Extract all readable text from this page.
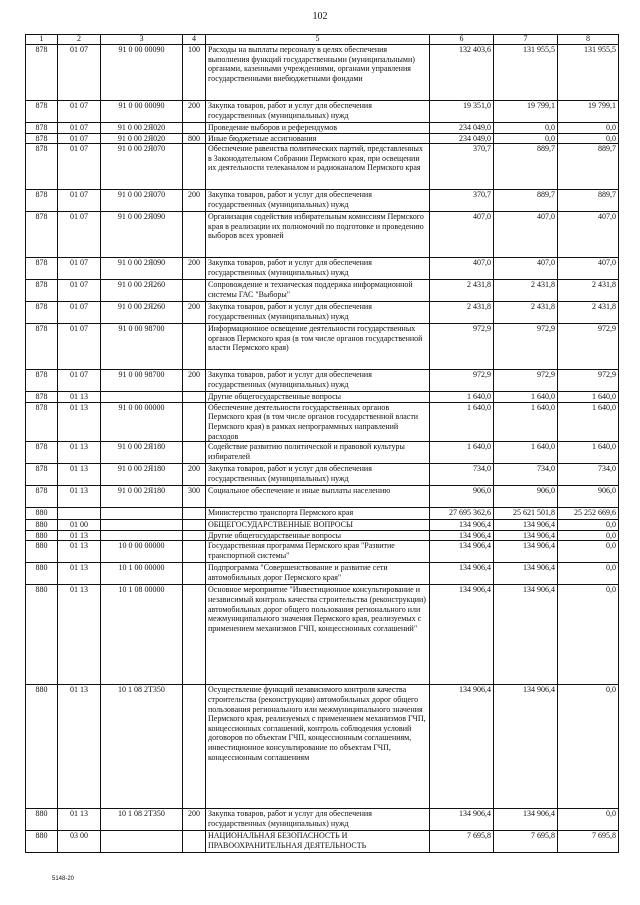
102
1	2	3	4	5	6	7	8
878	01 07	91 0 00 00090	100	Расходы на выплаты персоналу в целях обеспечения выполнения функций государственными (муниципальными) органами, казенными учреждениями, органами управления государственными внебюджетными фондами	132 403,6	131 955,5	131 955,5
878	01 07	91 0 00 00090	200	Закупка товаров, работ и услуг для обеспечения государственных (муниципальных) нужд	19 351,0	19 799,1	19 799,1
878	01 07	91 0 00 2Я020		Проведение выборов и референдумов	234 049,0	0,0	0,0
878	01 07	91 0 00 2Я020	800	Иные бюджетные ассигнования	234 049,0	0,0	0,0
878	01 07	91 0 00 2Я070		Обеспечение равенства политических партий, представленных в Законодательном Собрании Пермского края, при освещении их деятельности телеканалом и радиоканалом Пермского края	370,7	889,7	889,7
878	01 07	91 0 00 2Я070	200	Закупка товаров, работ и услуг для обеспечения государственных (муниципальных) нужд	370,7	889,7	889,7
878	01 07	91 0 00 2Я090		Организация содействия избирательным комиссиям Пермского края в реализации их полномочий по подготовке и проведению выборов всех уровней	407,0	407,0	407,0
878	01 07	91 0 00 2Я090	200	Закупка товаров, работ и услуг для обеспечения государственных (муниципальных) нужд	407,0	407,0	407,0
878	01 07	91 0 00 2Я260		Сопровождение и техническая поддержка информационной системы ГАС "Выборы"	2 431,8	2 431,8	2 431,8
878	01 07	91 0 00 2Я260	200	Закупка товаров, работ и услуг для обеспечения государственных (муниципальных) нужд	2 431,8	2 431,8	2 431,8
878	01 07	91 0 00 98700		Информационное освещение деятельности государственных органов Пермского края (в том числе органов государственной власти Пермского края)	972,9	972,9	972,9
878	01 07	91 0 00 98700	200	Закупка товаров, работ и услуг для обеспечения государственных (муниципальных) нужд	972,9	972,9	972,9
878	01 13			Другие общегосударственные вопросы	1 640,0	1 640,0	1 640,0
878	01 13	91 0 00 00000		Обеспечение деятельности государственных органов Пермского края (в том числе органов государственной власти Пермского края) в рамках непрограммных направлений расходов	1 640,0	1 640,0	1 640,0
878	01 13	91 0 00 2Я180		Содействие развитию политической и правовой культуры избирателей	1 640,0	1 640,0	1 640,0
878	01 13	91 0 00 2Я180	200	Закупка товаров, работ и услуг для обеспечения государственных (муниципальных) нужд	734,0	734,0	734,0
878	01 13	91 0 00 2Я180	300	Социальное обеспечение и иные выплаты населению	906,0	906,0	906,0
880				Министерство транспорта Пермского края	27 695 362,6	25 621 501,8	25 252 669,6
880	01 00			ОБЩЕГОСУДАРСТВЕННЫЕ ВОПРОСЫ	134 906,4	134 906,4	0,0
880	01 13			Другие общегосударственные вопросы	134 906,4	134 906,4	0,0
880	01 13	10 0 00 00000		Государственная программа Пермского края "Развитие транспортной системы"	134 906,4	134 906,4	0,0
880	01 13	10 1 00 00000		Подпрограмма "Совершенствование и развитие сети автомобильных дорог Пермского края"	134 906,4	134 906,4	0,0
880	01 13	10 1 08 00000		Основное мероприятие "Инвестиционное консультирование и независимый контроль качества строительства (реконструкции) автомобильных дорог общего пользования регионального или межмуниципального значения Пермского края, реализуемых с применением механизмов ГЧП, концессионных соглашений"	134 906,4	134 906,4	0,0
880	01 13	10 1 08 2Т350		Осуществление функций независимого контроля качества строительства (реконструкции) автомобильных дорог общего пользования регионального или межмуниципального значения Пермского края, реализуемых с применением механизмов ГЧП, концессионных соглашений, контроль соблюдения условий договоров по объектам ГЧП, концессионным соглашениям, инвестиционное консультирование по объектам ГЧП, концессионным соглашениям	134 906,4	134 906,4	0,0
880	01 13	10 1 08 2Т350	200	Закупка товаров, работ и услуг для обеспечения государственных (муниципальных) нужд	134 906,4	134 906,4	0,0
880	03 00			НАЦИОНАЛЬНАЯ БЕЗОПАСНОСТЬ И ПРАВООХРАНИТЕЛЬНАЯ ДЕЯТЕЛЬНОСТЬ	7 695,8	7 695,8	7 695,8
5148-20
